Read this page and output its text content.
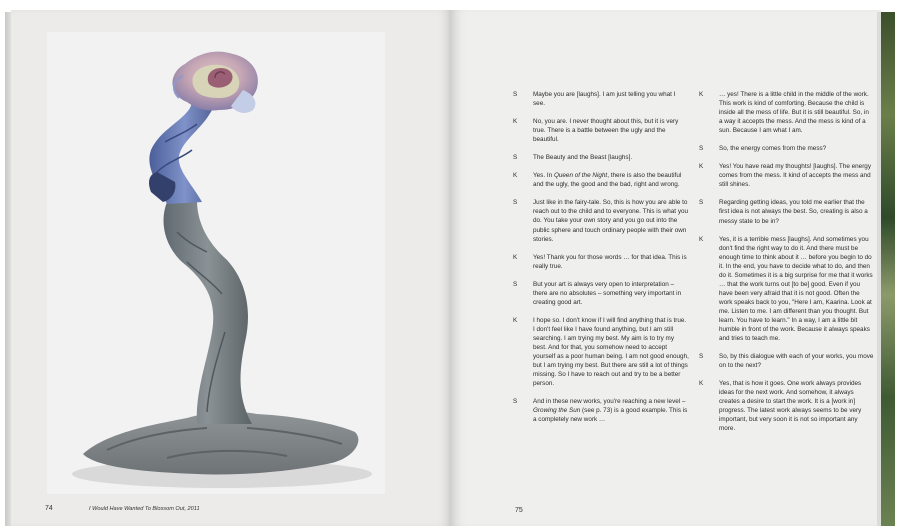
74	I Would Have Wanted To Blossom Out, 2011
S Maybe you are [laughs]. I am just telling you what I see.
K No, you are. I never thought about this, but it is very true. There is a battle between the ugly and the beautiful.
S The Beauty and the Beast [laughs].
K Yes. In Queen of the Night, there is also the beautiful and the ugly, the good and the bad, right and wrong.
S Just like in the fairy-tale. So, this is how you are able to reach out to the child and to everyone. This is what you do. You take your own story and you go out into the public sphere and touch ordinary people with their own stories.
K Yes! Thank you for those words … for that idea. This is really true.
S But your art is always very open to interpretation – there are no absolutes – something very important in creating good art.
K I hope so. I don't know if I will find anything that is true. I don't feel like I have found anything, but I am still searching. I am trying my best. My aim is to try my best. And for that, you somehow need to accept yourself as a poor human being. I am not good enough, but I am trying my best. But there are still a lot of things missing. So I have to reach out and try to be a better person.
S And in these new works, you're reaching a new level – Growing the Sun (see p. 73) is a good example. This is a completely new work …
K … yes! There is a little child in the middle of the work. This work is kind of comforting. Because the child is inside all the mess of life. But it is still beautiful. So, in a way it accepts the mess. And the mess is kind of a sun. Because I am what I am.
S So, the energy comes from the mess?
K Yes! You have read my thoughts! [laughs]. The energy comes from the mess. It kind of accepts the mess and still shines.
S Regarding getting ideas, you told me earlier that the first idea is not always the best. So, creating is also a messy state to be in?
K Yes, it is a terrible mess [laughs]. And sometimes you don't find the right way to do it. And there must be enough time to think about it … before you begin to do it. In the end, you have to decide what to do, and then do it. Sometimes it is a big surprise for me that it works … that the work turns out [to be] good. Even if you have been very afraid that it is not good. Often the work speaks back to you, "Here I am, Kaarina. Look at me. Listen to me. I am different than you thought. But learn. You have to learn." In a way, I am a little bit humble in front of the work. Because it always speaks and tries to teach me.
S So, by this dialogue with each of your works, you move on to the next?
K Yes, that is how it goes. One work always provides ideas for the next work. And somehow, it always creates a desire to start the work. It is a [work in] progress. The latest work always seems to be very important, but very soon it is not so important any more.
75
